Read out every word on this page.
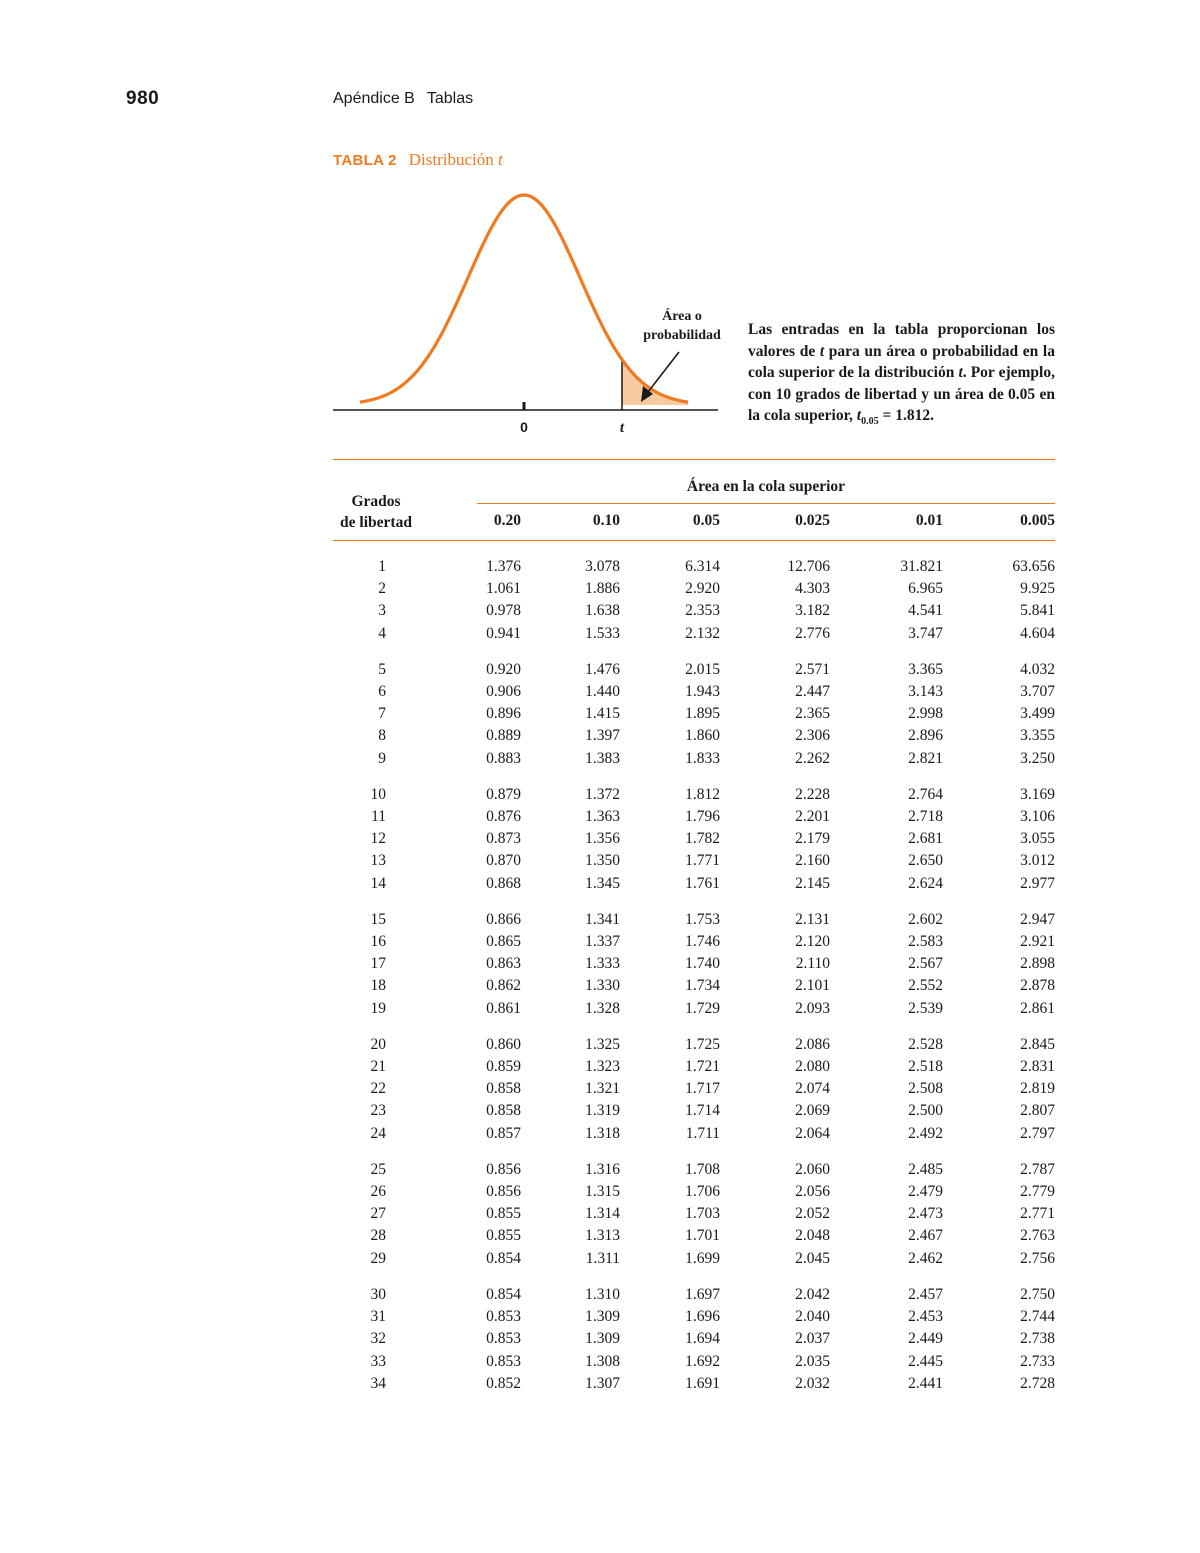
980	Apéndice B Tablas
TABLA 2 Distribución t
Área o
probabilidad
0	t
Las entradas en la tabla proporcionan los valores de t para un área o probabilidad en la cola superior de la distribución t. Por ejemplo, con 10 grados de libertad y un área de 0.05 en la cola superior, $t_{0.05} = 1.812$.
Área en la cola superior
Grados
de libertad	0.20	0.10	0.05	0.025	0.01	0.005
1	1.376	3.078	6.314	12.706	31.821	63.656
2	1.061	1.886	2.920	4.303	6.965	9.925
3	0.978	1.638	2.353	3.182	4.541	5.841
4	0.941	1.533	2.132	2.776	3.747	4.604
5	0.920	1.476	2.015	2.571	3.365	4.032
6	0.906	1.440	1.943	2.447	3.143	3.707
7	0.896	1.415	1.895	2.365	2.998	3.499
8	0.889	1.397	1.860	2.306	2.896	3.355
9	0.883	1.383	1.833	2.262	2.821	3.250
10	0.879	1.372	1.812	2.228	2.764	3.169
11	0.876	1.363	1.796	2.201	2.718	3.106
12	0.873	1.356	1.782	2.179	2.681	3.055
13	0.870	1.350	1.771	2.160	2.650	3.012
14	0.868	1.345	1.761	2.145	2.624	2.977
15	0.866	1.341	1.753	2.131	2.602	2.947
16	0.865	1.337	1.746	2.120	2.583	2.921
17	0.863	1.333	1.740	2.110	2.567	2.898
18	0.862	1.330	1.734	2.101	2.552	2.878
19	0.861	1.328	1.729	2.093	2.539	2.861
20	0.860	1.325	1.725	2.086	2.528	2.845
21	0.859	1.323	1.721	2.080	2.518	2.831
22	0.858	1.321	1.717	2.074	2.508	2.819
23	0.858	1.319	1.714	2.069	2.500	2.807
24	0.857	1.318	1.711	2.064	2.492	2.797
25	0.856	1.316	1.708	2.060	2.485	2.787
26	0.856	1.315	1.706	2.056	2.479	2.779
27	0.855	1.314	1.703	2.052	2.473	2.771
28	0.855	1.313	1.701	2.048	2.467	2.763
29	0.854	1.311	1.699	2.045	2.462	2.756
30	0.854	1.310	1.697	2.042	2.457	2.750
31	0.853	1.309	1.696	2.040	2.453	2.744
32	0.853	1.309	1.694	2.037	2.449	2.738
33	0.853	1.308	1.692	2.035	2.445	2.733
34	0.852	1.307	1.691	2.032	2.441	2.728
